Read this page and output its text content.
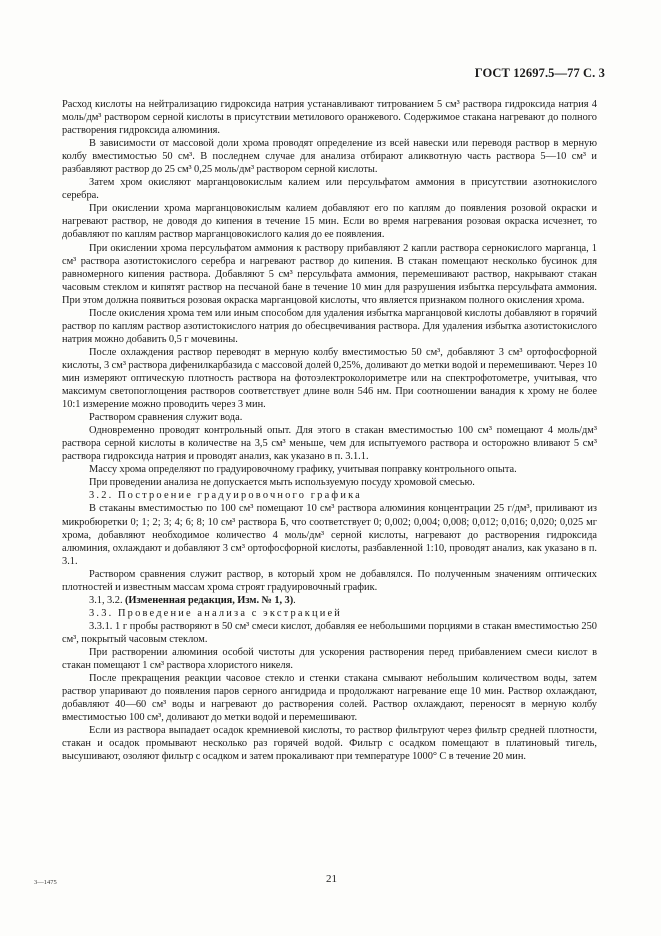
ГОСТ 12697.5—77 С. 3

Расход кислоты на нейтрализацию гидроксида натрия устанавливают титрованием 5 см³ раствора гидроксида натрия 4 моль/дм³ раствором серной кислоты в присутствии метилового оранжевого. Содержимое стакана нагревают до полного растворения гидроксида алюминия.

В зависимости от массовой доли хрома проводят определение из всей навески или переводя раствор в мерную колбу вместимостью 50 см³. В последнем случае для анализа отбирают аликвотную часть раствора 5—10 см³ и разбавляют раствор до 25 см³ 0,25 моль/дм³ раствором серной кислоты.

Затем хром окисляют марганцовокислым калием или персульфатом аммония в присутствии азотнокислого серебра.

При окислении хрома марганцовокислым калием добавляют его по каплям до появления розовой окраски и нагревают раствор, не доводя до кипения в течение 15 мин. Если во время нагревания розовая окраска исчезнет, то добавляют по каплям раствор марганцовокислого калия до ее появления.

При окислении хрома персульфатом аммония к раствору прибавляют 2 капли раствора сернокислого марганца, 1 см³ раствора азотистокислого серебра и нагревают раствор до кипения. В стакан помещают несколько бусинок для равномерного кипения раствора. Добавляют 5 см³ персульфата аммония, перемешивают раствор, накрывают стакан часовым стеклом и кипятят раствор на песчаной бане в течение 10 мин для разрушения избытка персульфата аммония. При этом должна появиться розовая окраска марганцовой кислоты, что является признаком полного окисления хрома.

После окисления хрома тем или иным способом для удаления избытка марганцовой кислоты добавляют в горячий раствор по каплям раствор азотистокислого натрия до обесцвечивания раствора. Для удаления избытка азотистокислого натрия можно добавить 0,5 г мочевины.

После охлаждения раствор переводят в мерную колбу вместимостью 50 см³, добавляют 3 см³ ортофосфорной кислоты, 3 см³ раствора дифенилкарбазида с массовой долей 0,25%, доливают до метки водой и перемешивают. Через 10 мин измеряют оптическую плотность раствора на фотоэлектроколориметре или на спектрофотометре, учитывая, что максимум светопоглощения растворов соответствует длине волн 546 нм. При соотношении ванадия к хрому не более 10:1 измерение можно проводить через 3 мин.

Раствором сравнения служит вода.

Одновременно проводят контрольный опыт. Для этого в стакан вместимостью 100 см³ помещают 4 моль/дм³ раствора серной кислоты в количестве на 3,5 см³ меньше, чем для испытуемого раствора и осторожно вливают 5 см³ раствора гидроксида натрия и проводят анализ, как указано в п. 3.1.1.

Массу хрома определяют по градуировочному графику, учитывая поправку контрольного опыта.

При проведении анализа не допускается мыть используемую посуду хромовой смесью.

3.2. Построение градуировочного графика

В стаканы вместимостью по 100 см³ помещают 10 см³ раствора алюминия концентрации 25 г/дм³, приливают из микробюретки 0; 1; 2; 3; 4; 6; 8; 10 см³ раствора Б, что соответствует 0; 0,002; 0,004; 0,008; 0,012; 0,016; 0,020; 0,025 мг хрома, добавляют необходимое количество 4 моль/дм³ серной кислоты, нагревают до растворения гидроксида алюминия, охлаждают и добавляют 3 см³ ортофосфорной кислоты, разбавленной 1:10, проводят анализ, как указано в п. 3.1.

Раствором сравнения служит раствор, в который хром не добавлялся. По полученным значениям оптических плотностей и известным массам хрома строят градуировочный график.

3.1, 3.2. (Измененная редакция, Изм. № 1, 3).

3.3. Проведение анализа с экстракцией

3.3.1. 1 г пробы растворяют в 50 см³ смеси кислот, добавляя ее небольшими порциями в стакан вместимостью 250 см³, покрытый часовым стеклом.

При растворении алюминия особой чистоты для ускорения растворения перед прибавлением смеси кислот в стакан помещают 1 см³ раствора хлористого никеля.

После прекращения реакции часовое стекло и стенки стакана смывают небольшим количеством воды, затем раствор упаривают до появления паров серного ангидрида и продолжают нагревание еще 10 мин. Раствор охлаждают, добавляют 40—60 см³ воды и нагревают до растворения солей. Раствор охлаждают, переносят в мерную колбу вместимостью 100 см³, доливают до метки водой и перемешивают.

Если из раствора выпадает осадок кремниевой кислоты, то раствор фильтруют через фильтр средней плотности, стакан и осадок промывают несколько раз горячей водой. Фильтр с осадком помещают в платиновый тигель, высушивают, озоляют фильтр с осадком и затем прокаливают при температуре 1000° С в течение 20 мин.

3—1475	21
